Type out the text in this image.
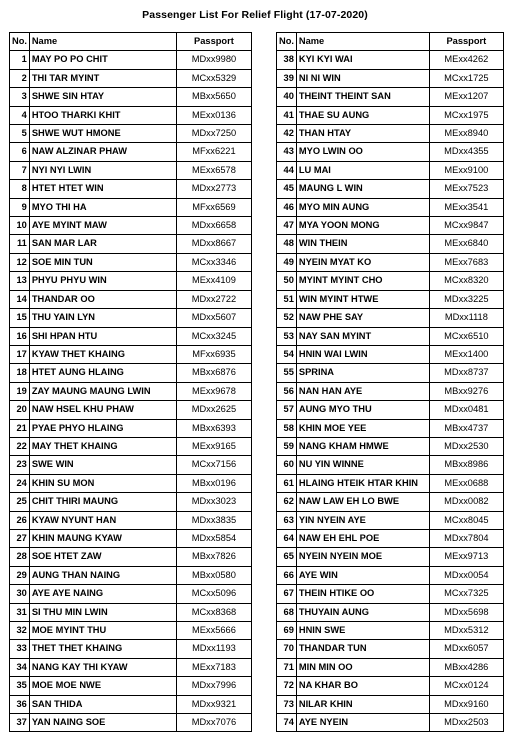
Passenger List For Relief Flight (17-07-2020)
No.	Name	Passport
1	MAY PO PO CHIT	MDxx9980
2	THI TAR MYINT	MCxx5329
3	SHWE SIN HTAY	MBxx5650
4	HTOO THARKI KHIT	MExx0136
5	SHWE WUT HMONE	MDxx7250
6	NAW ALZINAR PHAW	MFxx6221
7	NYI NYI LWIN	MExx6578
8	HTET HTET WIN	MDxx2773
9	MYO THI HA	MFxx6569
10	AYE MYINT MAW	MDxx6658
11	SAN MAR LAR	MDxx8667
12	SOE MIN TUN	MCxx3346
13	PHYU PHYU WIN	MExx4109
14	THANDAR OO	MDxx2722
15	THU YAIN LYN	MDxx5607
16	SHI HPAN HTU	MCxx3245
17	KYAW THET KHAING	MFxx6935
18	HTET AUNG HLAING	MBxx6876
19	ZAY MAUNG MAUNG LWIN	MExx9678
20	NAW HSEL KHU PHAW	MDxx2625
21	PYAE PHYO HLAING	MBxx6393
22	MAY THET KHAING	MExx9165
23	SWE WIN	MCxx7156
24	KHIN SU MON	MBxx0196
25	CHIT THIRI MAUNG	MDxx3023
26	KYAW NYUNT HAN	MDxx3835
27	KHIN MAUNG KYAW	MDxx5854
28	SOE HTET ZAW	MBxx7826
29	AUNG THAN NAING	MBxx0580
30	AYE AYE NAING	MCxx5096
31	SI THU MIN LWIN	MCxx8368
32	MOE MYINT THU	MExx5666
33	THET THET KHAING	MDxx1193
34	NANG KAY THI KYAW	MExx7183
35	MOE MOE NWE	MDxx7996
36	SAN THIDA	MDxx9321
37	YAN NAING SOE	MDxx7076
No.	Name	Passport
38	KYI KYI WAI	MExx4262
39	NI NI WIN	MCxx1725
40	THEINT THEINT SAN	MExx1207
41	THAE SU AUNG	MCxx1975
42	THAN HTAY	MExx8940
43	MYO LWIN OO	MDxx4355
44	LU MAI	MExx9100
45	MAUNG L WIN	MExx7523
46	MYO MIN AUNG	MExx3541
47	MYA YOON MONG	MCxx9847
48	WIN THEIN	MExx6840
49	NYEIN MYAT KO	MExx7683
50	MYINT MYINT CHO	MCxx8320
51	WIN MYINT HTWE	MDxx3225
52	NAW PHE SAY	MDxx1118
53	NAY SAN MYINT	MCxx6510
54	HNIN WAI LWIN	MExx1400
55	SPRINA	MDxx8737
56	NAN HAN AYE	MBxx9276
57	AUNG MYO THU	MDxx0481
58	KHIN MOE YEE	MBxx4737
59	NANG KHAM HMWE	MDxx2530
60	NU YIN WINNE	MBxx8986
61	HLAING HTEIK HTAR KHIN	MExx0688
62	NAW LAW EH LO BWE	MDxx0082
63	YIN NYEIN AYE	MCxx8045
64	NAW EH EHL POE	MDxx7804
65	NYEIN NYEIN MOE	MExx9713
66	AYE WIN	MDxx0054
67	THEIN HTIKE OO	MCxx7325
68	THUYAIN AUNG	MDxx5698
69	HNIN SWE	MDxx5312
70	THANDAR TUN	MDxx6057
71	MIN MIN OO	MBxx4286
72	NA KHAR BO	MCxx0124
73	NILAR KHIN	MDxx9160
74	AYE NYEIN	MDxx2503
